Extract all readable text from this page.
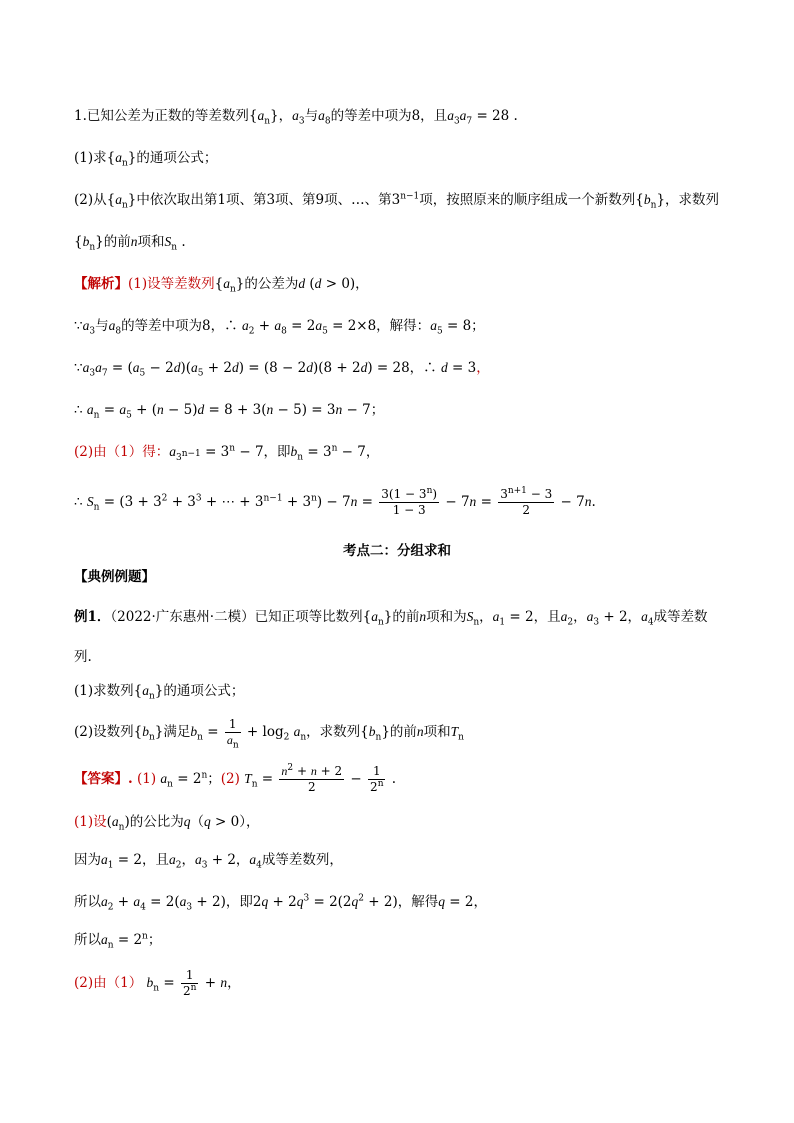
1.已知公差为正数的等差数列$\{a_n\}$，$a_3$与$a_8$的等差中项为8，且$a_3a_7 = 28$ .
(1)求$\{a_n\}$的通项公式；
(2)从$\{a_n\}$中依次取出第1项、第3项、第9项、…、第$3^{n-1}$项，按照原来的顺序组成一个新数列$\{b_n\}$，求数列
$\{b_n\}$的前n项和$S_n$ .
【解析】(1)设等差数列$\{a_n\}$的公差为d (d > 0)，
$\because a_3$与$a_8$的等差中项为8，∴ $a_2 + a_8 = 2a_5 = 2\times 8$，解得：$a_5 = 8$；
$\because a_3a_7 = (a_5 - 2d)(a_5 + 2d) = (8 - 2d)(8 + 2d) = 28$，∴ d = 3，
∴ $a_n = a_5 + (n - 5)d = 8 + 3(n - 5) = 3n - 7$；
(2)由（1）得：$a_{3^{n-1}} = 3^n - 7$，即$b_n = 3^n - 7$，
∴ $S_n = (3 + 3^2 + 3^3$ + ⋯ + $3^{n-1} + 3^n) - 7n = \frac{3(1 - 3^n)}{1 - 3} - 7n = \frac{3^{n+1} - 3}{2} - 7n$.
考点二：分组求和
【典例例题】
例1．（2022·广东惠州·二模）已知正项等比数列$\{a_n\}$的前n项和为$S_n$，$a_1 = 2$，且$a_2$，$a_3 + 2$，$a_4$成等差数
列.
(1)求数列$\{a_n\}$的通项公式；
(2)设数列$\{b_n\}$满足$b_n = \frac{1}{a_n} + \log_2 a_n$，求数列$\{b_n\}$的前n项和$T_n$
【答案】. (1) $a_n = 2^n$；(2) $T_n = \frac{n^2 + n + 2}{2} - \frac{1}{2^n}$ .
(1)设$(a_n)$的公比为q（q > 0），
因为$a_1 = 2$，且$a_2$，$a_3 + 2$，$a_4$成等差数列，
所以$a_2 + a_4 = 2(a_3 + 2)$，即$2q + 2q^3 = 2(2q^2 + 2)$，解得q = 2，
所以$a_n = 2^n$；
(2)由（1） $b_n = \frac{1}{2^n} + n$，
